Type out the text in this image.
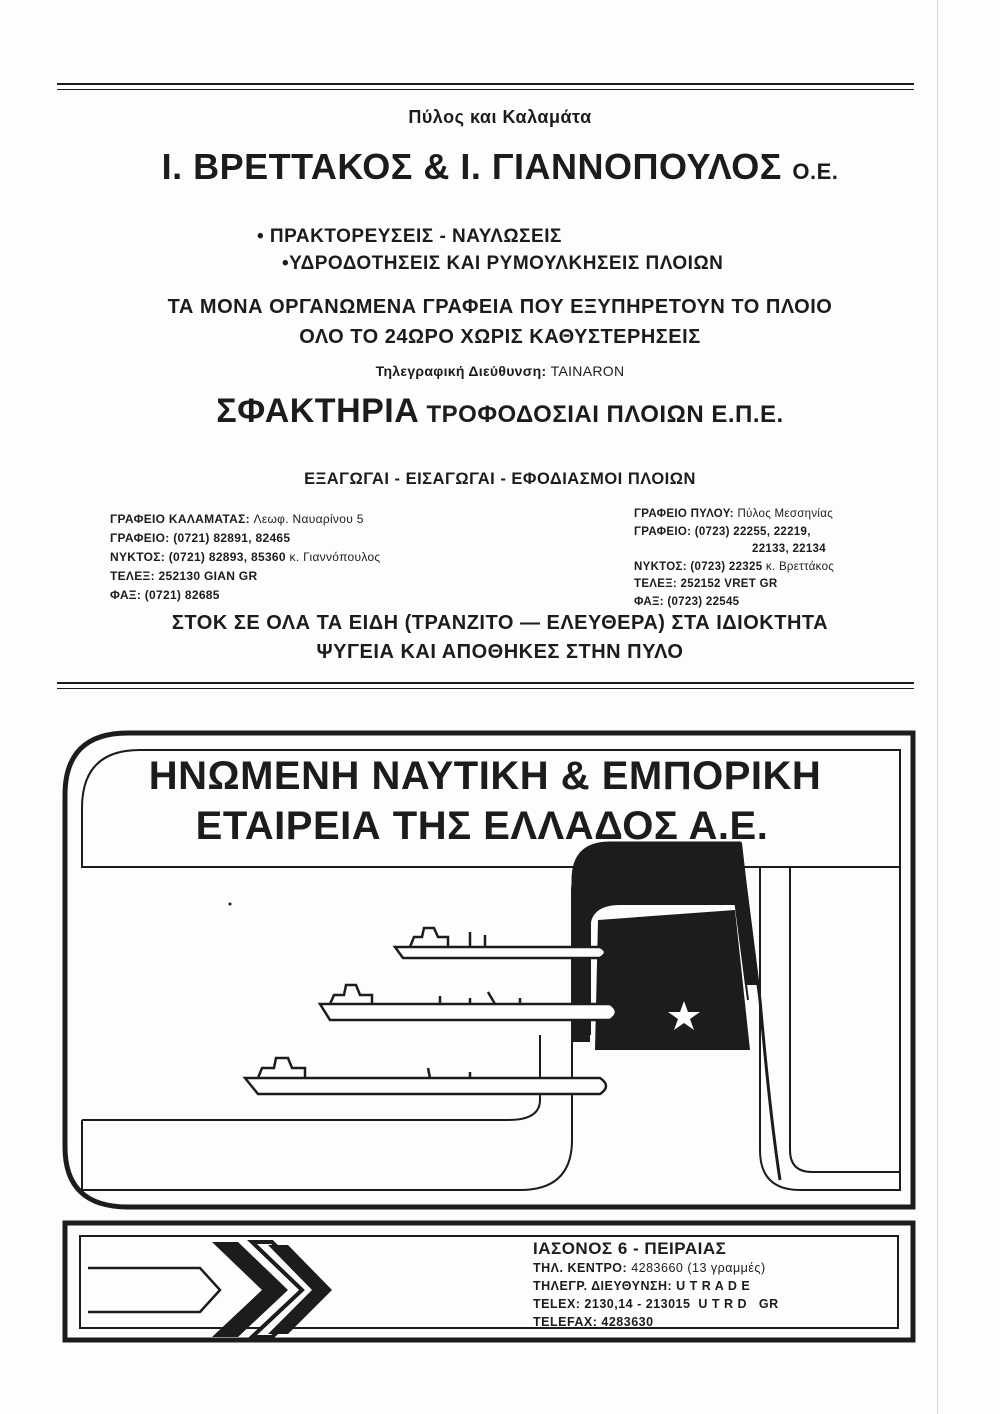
Πύλος και Καλαμάτα
Ι. ΒΡΕΤΤΑΚΟΣ & Ι. ΓΙΑΝΝΟΠΟΥΛΟΣ Ο.Ε.
• ΠΡΑΚΤΟΡΕΥΣΕΙΣ - ΝΑΥΛΩΣΕΙΣ
•ΥΔΡΟΔΟΤΗΣΕΙΣ ΚΑΙ ΡΥΜΟΥΛΚΗΣΕΙΣ ΠΛΟΙΩΝ
ΤΑ ΜΟΝΑ ΟΡΓΑΝΩΜΕΝΑ ΓΡΑΦΕΙΑ ΠΟΥ ΕΞΥΠΗΡΕΤΟΥΝ ΤΟ ΠΛΟΙΟ
ΟΛΟ ΤΟ 24ΩΡΟ ΧΩΡΙΣ ΚΑΘΥΣΤΕΡΗΣΕΙΣ
Τηλεγραφική Διεύθυνση: TAINARON
ΣΦΑΚΤΗΡΙΑ ΤΡΟΦΟΔΟΣΙΑΙ ΠΛΟΙΩΝ Ε.Π.Ε.
ΕΞΑΓΩΓΑΙ - ΕΙΣΑΓΩΓΑΙ - ΕΦΟΔΙΑΣΜΟΙ ΠΛΟΙΩΝ
ΓΡΑΦΕΙΟ ΚΑΛΑΜΑΤΑΣ: Λεωφ. Ναυαρίνου 5
ΓΡΑΦΕΙΟ: (0721) 82891, 82465
ΝΥΚΤΟΣ: (0721) 82893, 85360 κ. Γιαννόπουλος
ΤΕΛΕΞ: 252130 GIAN GR
ΦΑΞ: (0721) 82685
ΓΡΑΦΕΙΟ ΠΥΛΟΥ: Πύλος Μεσσηνίας
ΓΡΑΦΕΙΟ: (0723) 22255, 22219,
22133, 22134
ΝΥΚΤΟΣ: (0723) 22325 κ. Βρεττάκος
ΤΕΛΕΞ: 252152 VRET GR
ΦΑΞ: (0723) 22545
ΣΤΟΚ ΣΕ ΟΛΑ ΤΑ ΕΙΔΗ (ΤΡΑΝΖΙΤΟ — ΕΛΕΥΘΕΡΑ) ΣΤΑ ΙΔΙΟΚΤΗΤΑ
ΨΥΓΕΙΑ ΚΑΙ ΑΠΟΘΗΚΕΣ ΣΤΗΝ ΠΥΛΟ
ΗΝΩΜΕΝΗ ΝΑΥΤΙΚΗ & ΕΜΠΟΡΙΚΗ
ΕΤΑΙΡΕΙΑ ΤΗΣ ΕΛΛΑΔΟΣ Α.Ε.
ΙΑΣΟΝΟΣ 6 - ΠΕΙΡΑΙΑΣ
ΤΗΛ. ΚΕΝΤΡΟ: 4283660 (13 γραμμές)
ΤΗΛΕΓΡ. ΔΙΕΥΘΥΝΣΗ: U T R A D E
TELEX: 2130,14 - 213015  U T R D   GR
TELEFAX: 4283630
